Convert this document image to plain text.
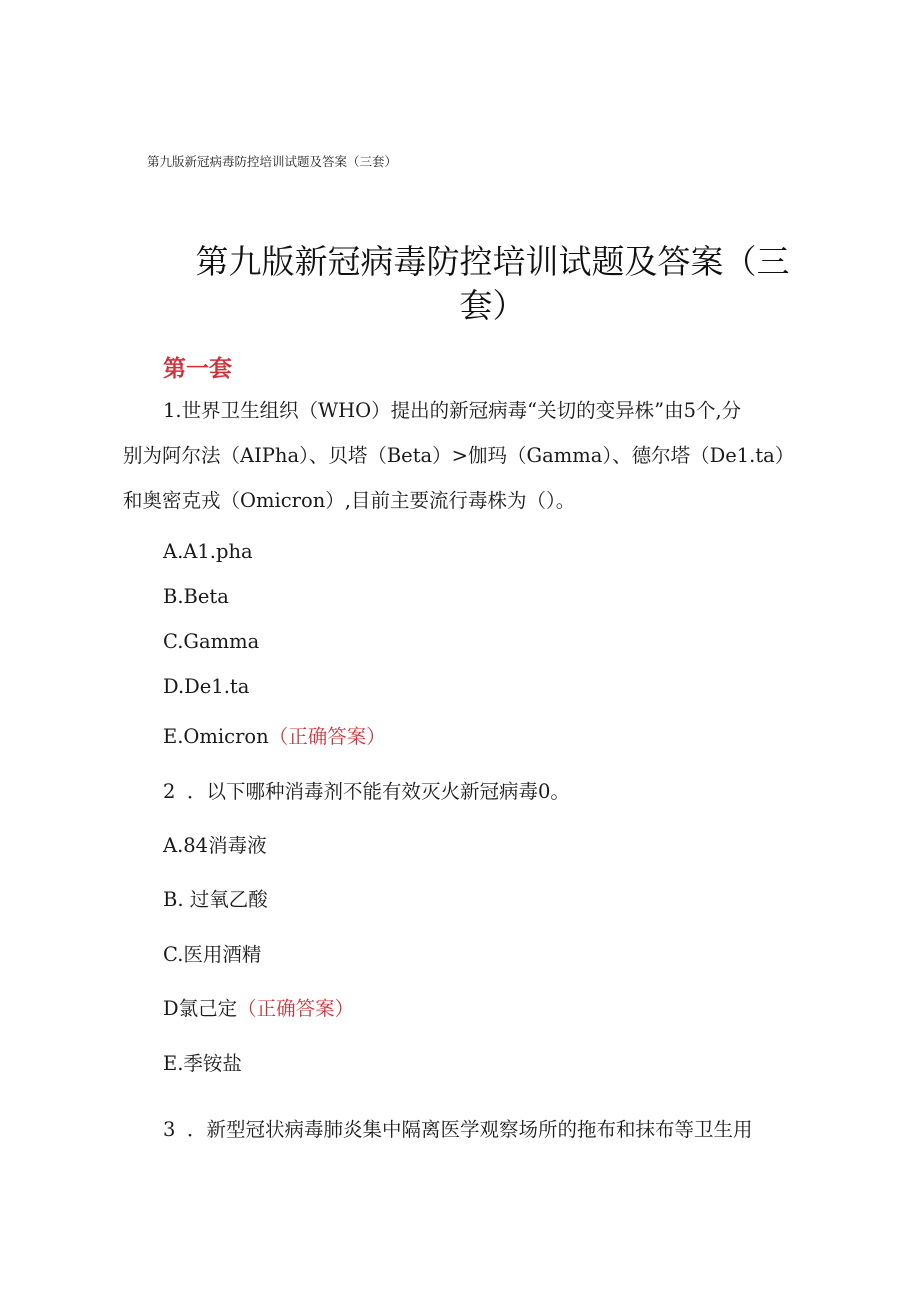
第九版新冠病毒防控培训试题及答案（三套）
第九版新冠病毒防控培训试题及答案（三
套）
第一套
1.世界卫生组织（WHO）提出的新冠病毒“关切的变异株”由5个,分
别为阿尔法（AIPha）、贝塔（Beta）>伽玛（Gamma）、德尔塔（De1.ta）
和奥密克戎（Omicron）,目前主要流行毒株为（）。
A.A1.pha
B.Beta
C.Gamma
D.De1.ta
E.Omicron（正确答案）
2 ．以下哪种消毒剂不能有效灭火新冠病毒0。
A.84消毒液
B. 过氧乙酸
C.医用酒精
D氯己定（正确答案）
E.季铵盐
3 ．新型冠状病毒肺炎集中隔离医学观察场所的拖布和抹布等卫生用
